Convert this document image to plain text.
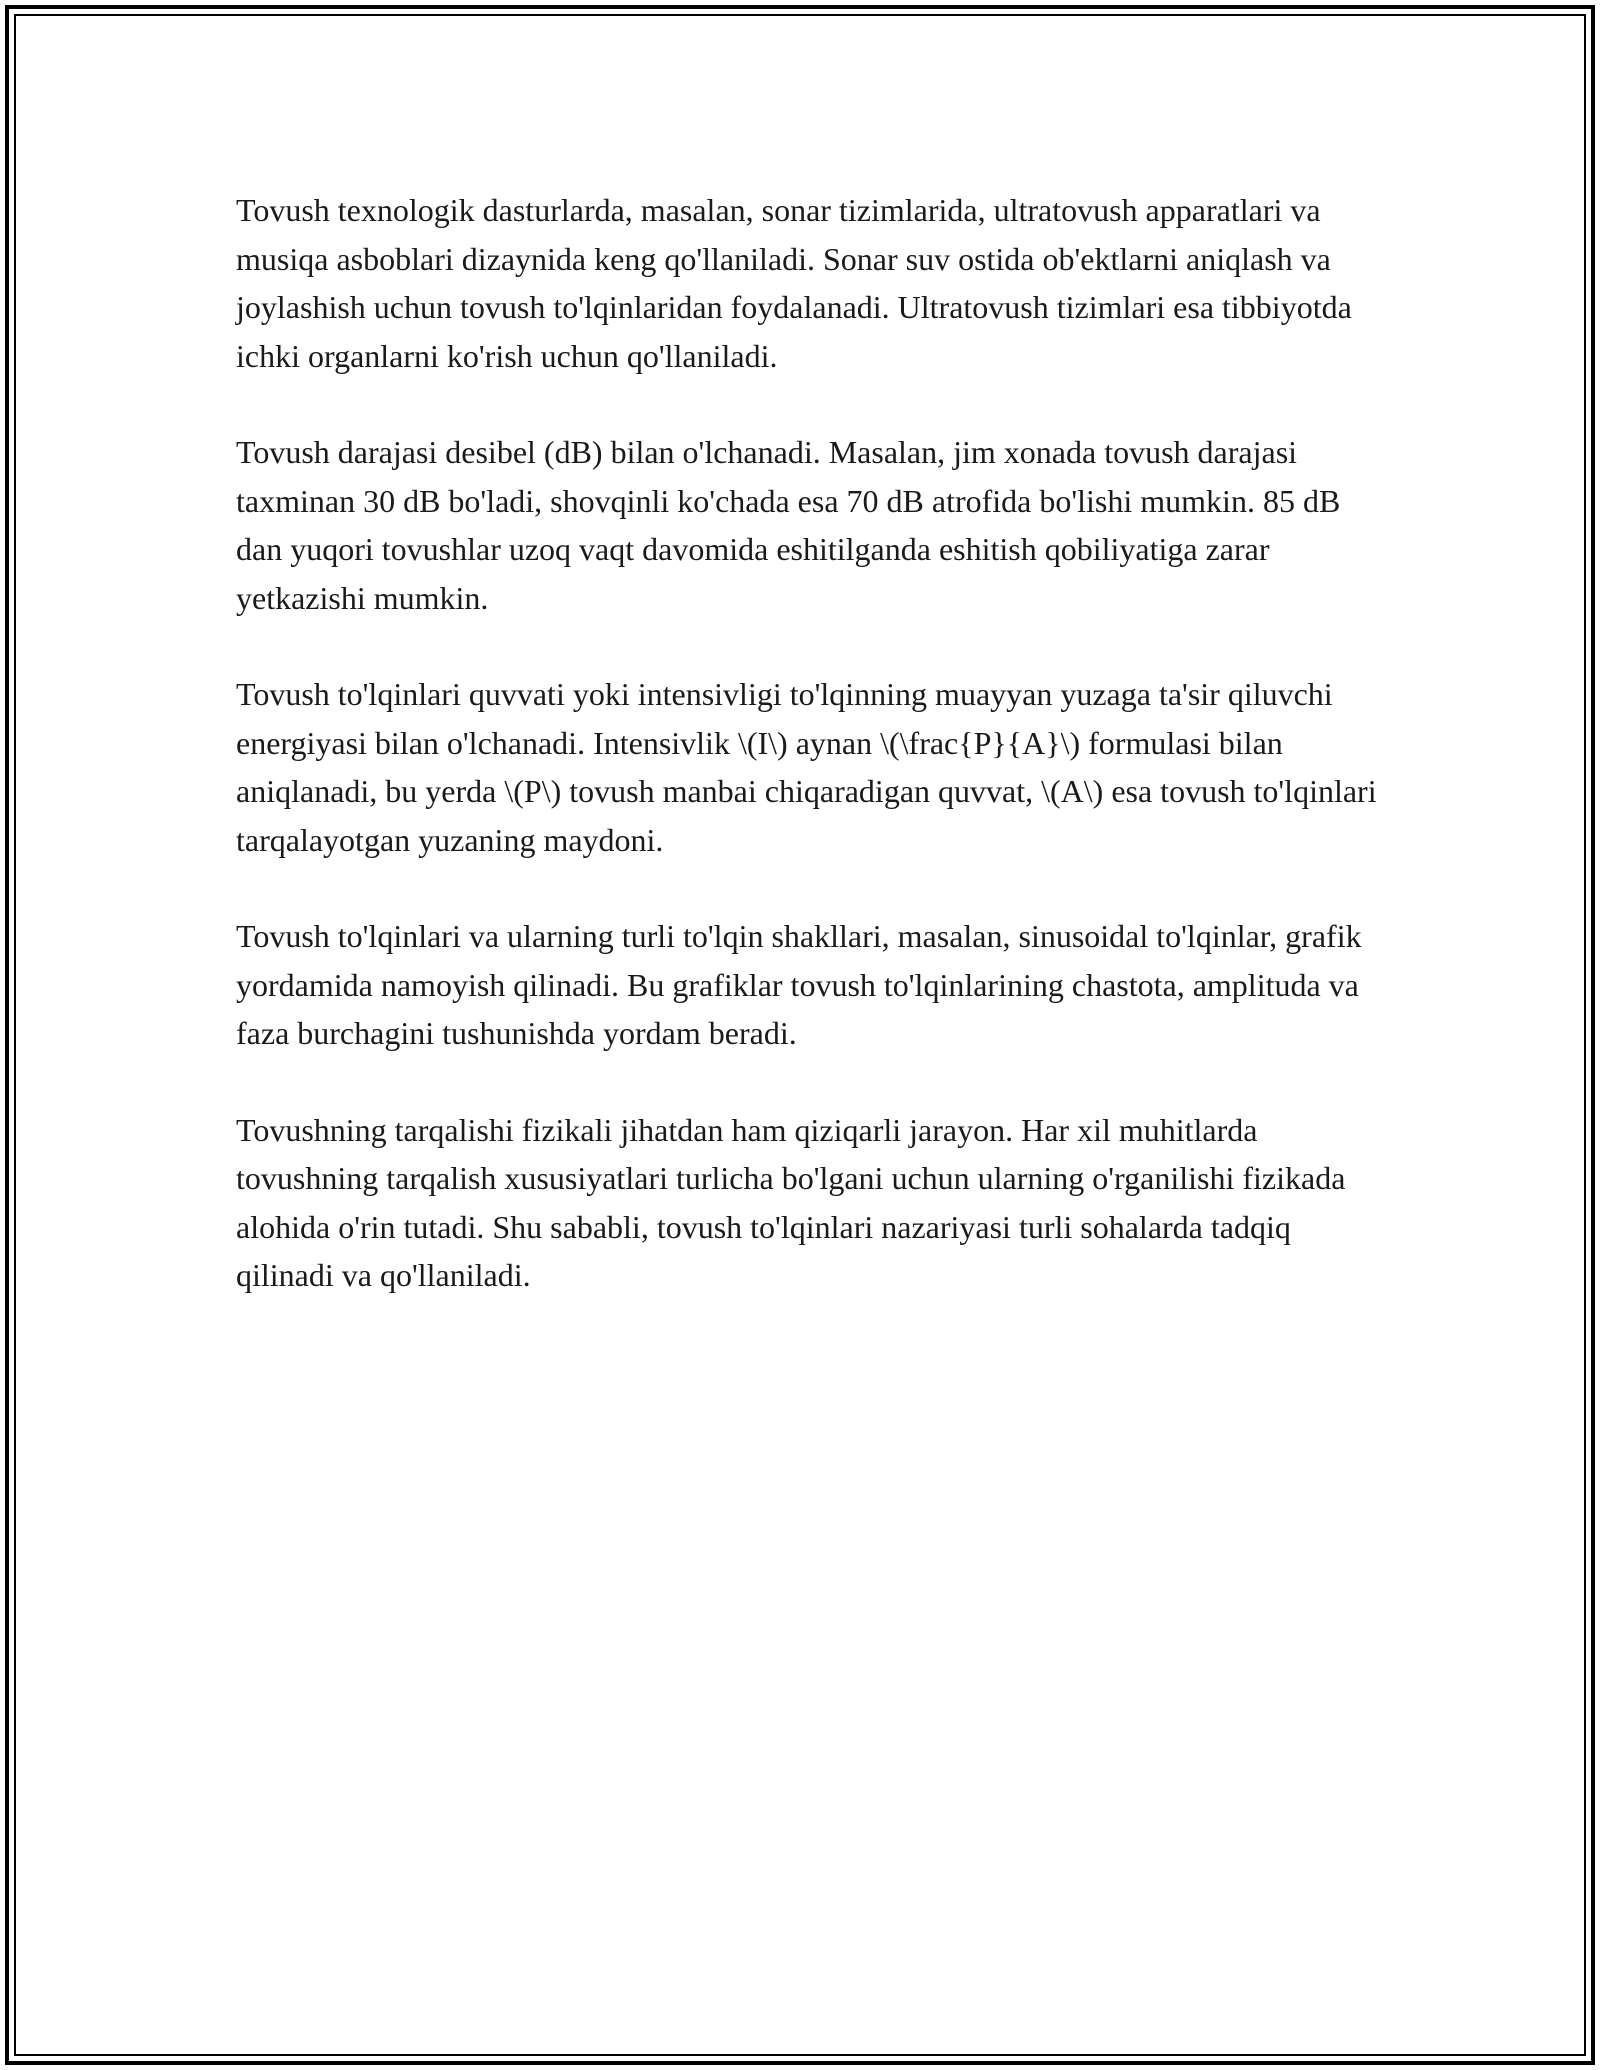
Tovush texnologik dasturlarda, masalan, sonar tizimlarida, ultratovush apparatlari va musiqa asboblari dizaynida keng qo'llaniladi. Sonar suv ostida ob'ektlarni aniqlash va joylashish uchun tovush to'lqinlaridan foydalanadi. Ultratovush tizimlari esa tibbiyotda ichki organlarni ko'rish uchun qo'llaniladi.

Tovush darajasi desibel (dB) bilan o'lchanadi. Masalan, jim xonada tovush darajasi taxminan 30 dB bo'ladi, shovqinli ko'chada esa 70 dB atrofida bo'lishi mumkin. 85 dB dan yuqori tovushlar uzoq vaqt davomida eshitilganda eshitish qobiliyatiga zarar yetkazishi mumkin.

Tovush to'lqinlari quvvati yoki intensivligi to'lqinning muayyan yuzaga ta'sir qiluvchi energiyasi bilan o'lchanadi. Intensivlik \(I\) aynan \(\frac{P}{A}\) formulasi bilan aniqlanadi, bu yerda \(P\) tovush manbai chiqaradigan quvvat, \(A\) esa tovush to'lqinlari tarqalayotgan yuzaning maydoni.

Tovush to'lqinlari va ularning turli to'lqin shakllari, masalan, sinusoidal to'lqinlar, grafik yordamida namoyish qilinadi. Bu grafiklar tovush to'lqinlarining chastota, amplituda va faza burchagini tushunishda yordam beradi.

Tovushning tarqalishi fizikali jihatdan ham qiziqarli jarayon. Har xil muhitlarda tovushning tarqalish xususiyatlari turlicha bo'lgani uchun ularning o'rganilishi fizikada alohida o'rin tutadi. Shu sababli, tovush to'lqinlari nazariyasi turli sohalarda tadqiq qilinadi va qo'llaniladi.
